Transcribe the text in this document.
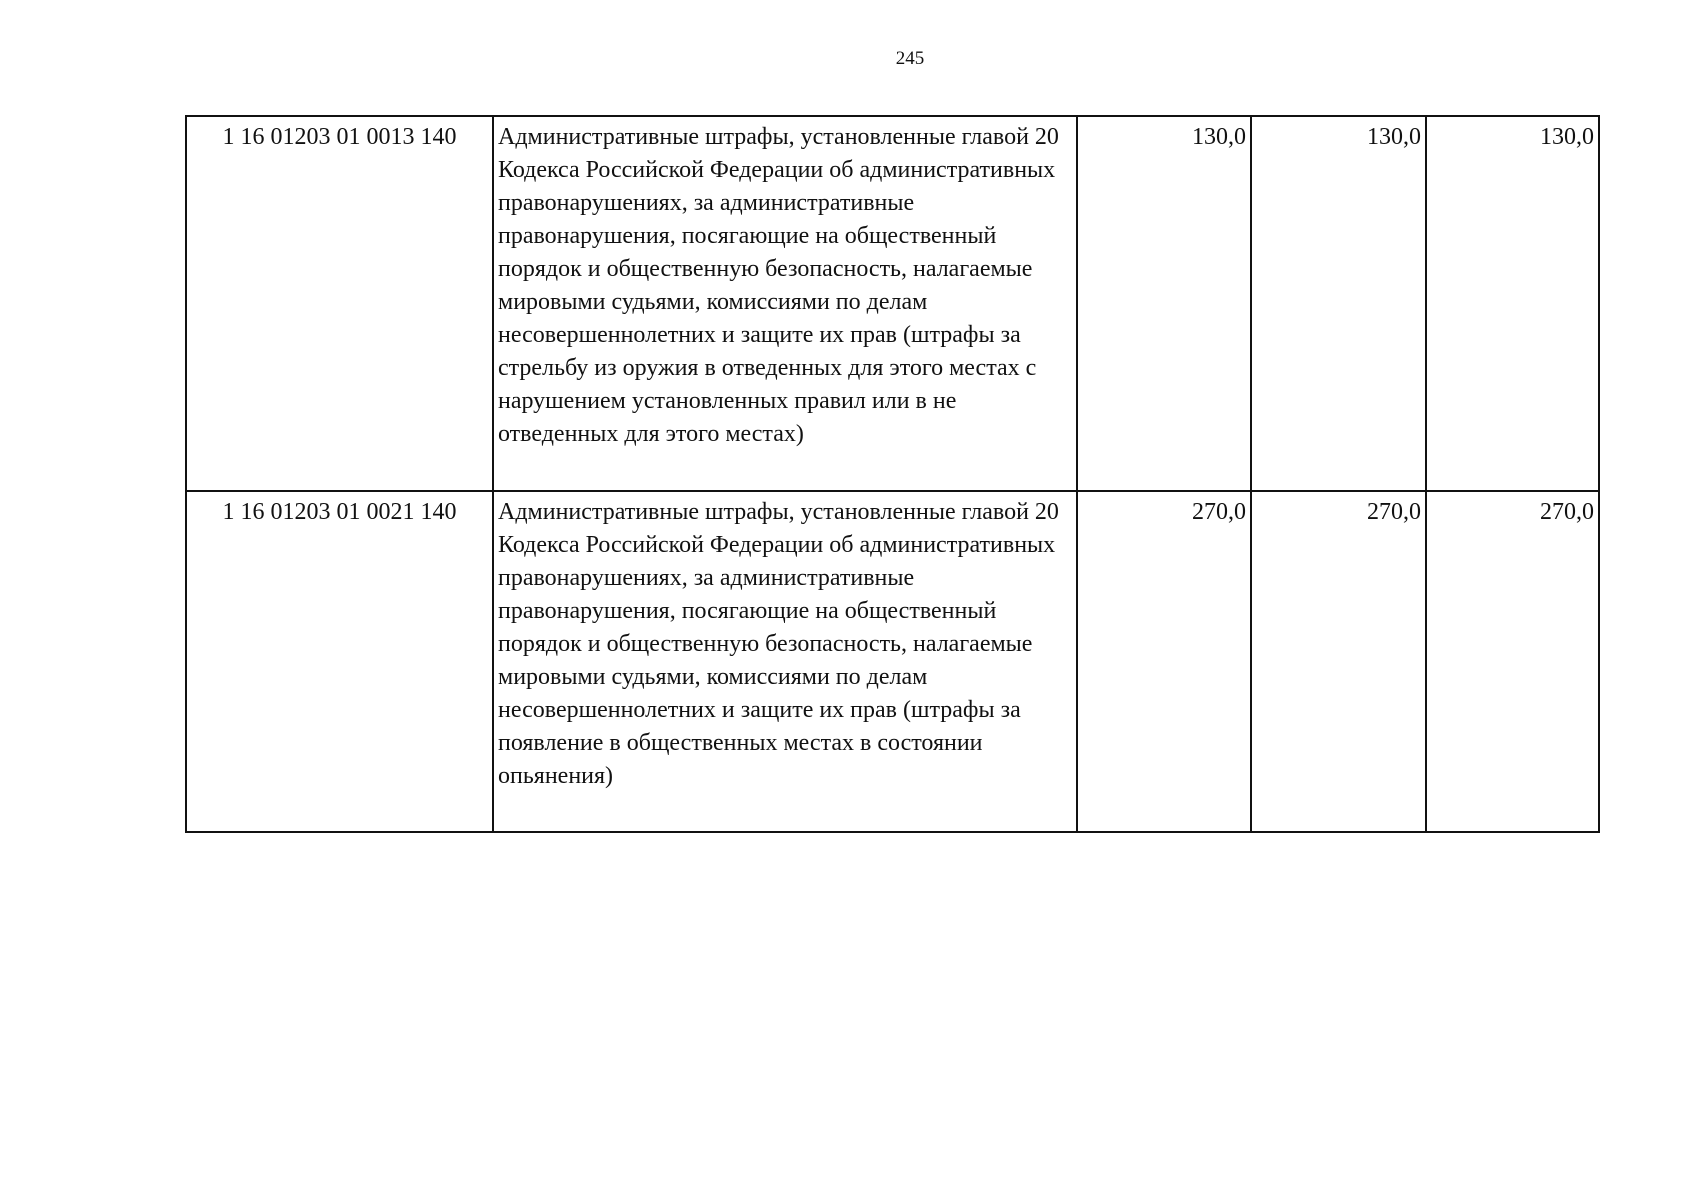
245
1 16 01203 01 0013 140	Административные штрафы, установленные главой 20 Кодекса Российской Федерации об административных правонарушениях, за административные правонарушения, посягающие на общественный порядок и общественную безопасность, налагаемые мировыми судьями, комиссиями по делам несовершеннолетних и защите их прав (штрафы за стрельбу из оружия в отведенных для этого местах с нарушением установленных правил или в не отведенных для этого местах)	130,0	130,0	130,0
1 16 01203 01 0021 140	Административные штрафы, установленные главой 20 Кодекса Российской Федерации об административных правонарушениях, за административные правонарушения, посягающие на общественный порядок и общественную безопасность, налагаемые мировыми судьями, комиссиями по делам несовершеннолетних и защите их прав (штрафы за появление в общественных местах в состоянии опьянения)	270,0	270,0	270,0
